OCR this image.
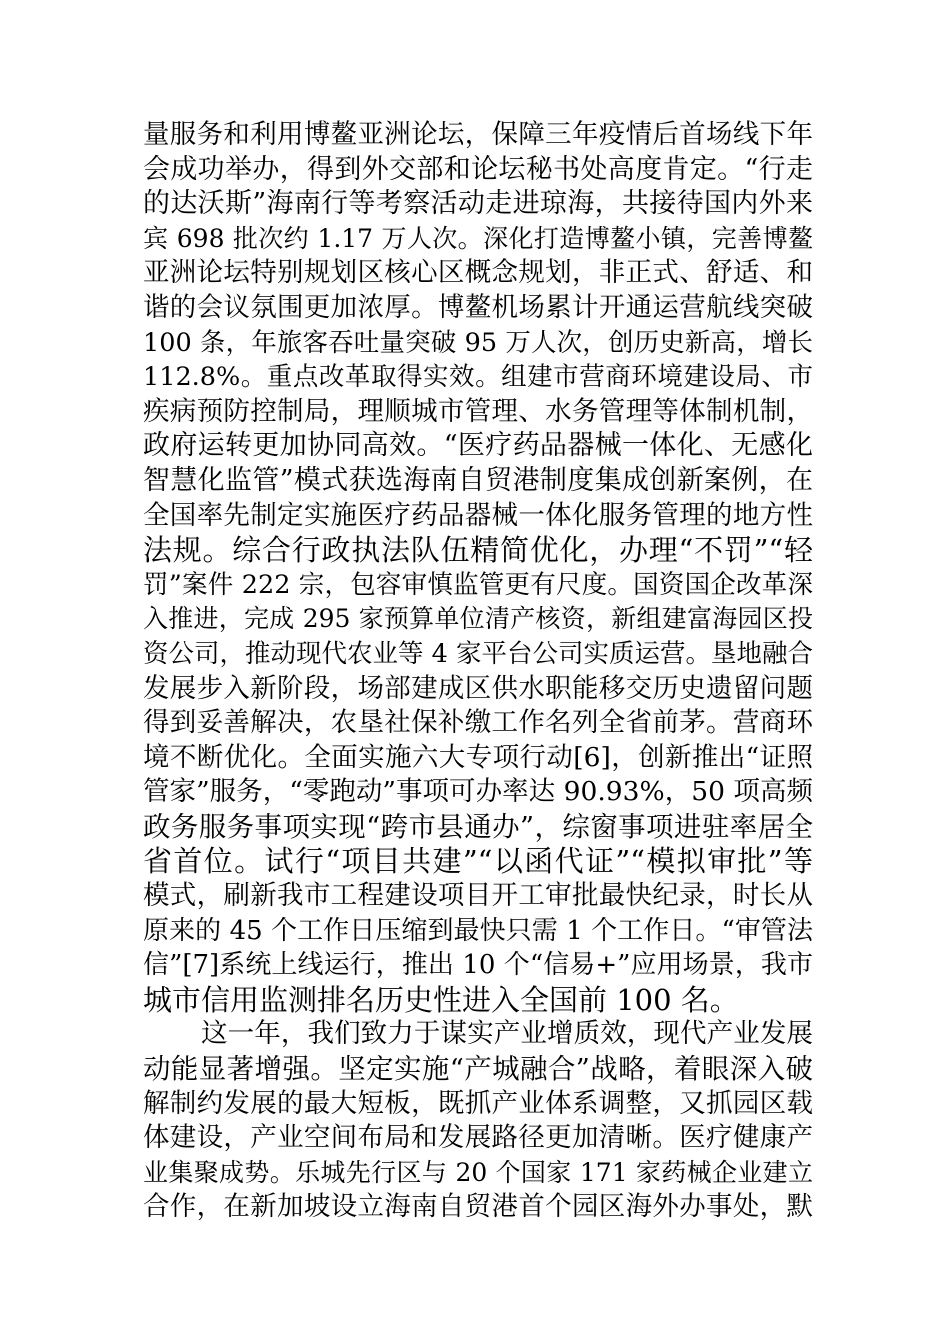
量服务和利用博鳌亚洲论坛，保障三年疫情后首场线下年
会成功举办，得到外交部和论坛秘书处高度肯定。“行走
的达沃斯”海南行等考察活动走进琼海，共接待国内外来
宾 698 批次约 1.17 万人次。深化打造博鳌小镇，完善博鳌
亚洲论坛特别规划区核心区概念规划，非正式、舒适、和
谐的会议氛围更加浓厚。博鳌机场累计开通运营航线突破
100 条，年旅客吞吐量突破 95 万人次，创历史新高，增长
112.8%。重点改革取得实效。组建市营商环境建设局、市
疾病预防控制局，理顺城市管理、水务管理等体制机制，
政府运转更加协同高效。“医疗药品器械一体化、无感化
智慧化监管”模式获选海南自贸港制度集成创新案例，在
全国率先制定实施医疗药品器械一体化服务管理的地方性
法规。综合行政执法队伍精简优化，办理“不罚”“轻
罚”案件 222 宗，包容审慎监管更有尺度。国资国企改革深
入推进，完成 295 家预算单位清产核资，新组建富海园区投
资公司，推动现代农业等 4 家平台公司实质运营。垦地融合
发展步入新阶段，场部建成区供水职能移交历史遗留问题
得到妥善解决，农垦社保补缴工作名列全省前茅。营商环
境不断优化。全面实施六大专项行动[6]，创新推出“证照
管家”服务，“零跑动”事项可办率达 90.93%，50 项高频
政务服务事项实现“跨市县通办”，综窗事项进驻率居全
省首位。试行“项目共建”“以函代证”“模拟审批”等
模式，刷新我市工程建设项目开工审批最快纪录，时长从
原来的 45 个工作日压缩到最快只需 1 个工作日。“审管法
信”[7]系统上线运行，推出 10 个“信易+”应用场景，我市
城市信用监测排名历史性进入全国前 100 名。
这一年，我们致力于谋实产业增质效，现代产业发展
动能显著增强。坚定实施“产城融合”战略，着眼深入破
解制约发展的最大短板，既抓产业体系调整，又抓园区载
体建设，产业空间布局和发展路径更加清晰。医疗健康产
业集聚成势。乐城先行区与 20 个国家 171 家药械企业建立
合作，在新加坡设立海南自贸港首个园区海外办事处，默
